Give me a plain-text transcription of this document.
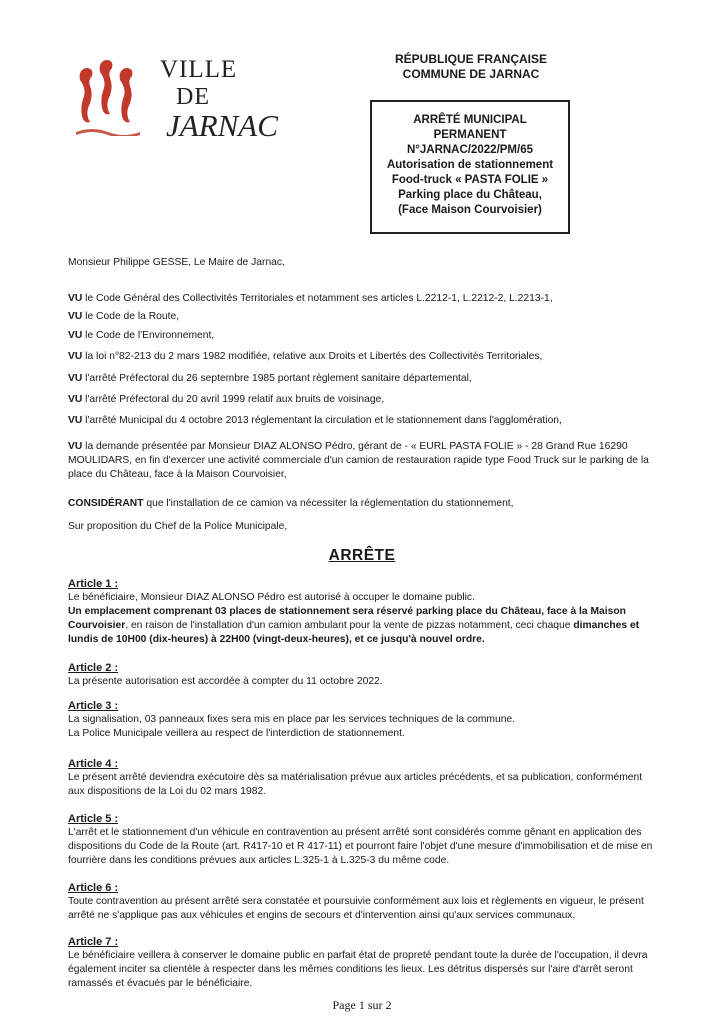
VILLE
DE
JARNAC
RÉPUBLIQUE FRANÇAISE
COMMUNE DE JARNAC
ARRÊTÉ MUNICIPAL
PERMANENT
N°JARNAC/2022/PM/65
Autorisation de stationnement
Food-truck « PASTA FOLIE »
Parking place du Château,
(Face Maison Courvoisier)
Monsieur Philippe GESSE, Le Maire de Jarnac,
VU le Code Général des Collectivités Territoriales et notamment ses articles L.2212-1, L.2212-2, L.2213-1,
VU le Code de la Route,
VU le Code de l'Environnement,
VU la loi n°82-213 du 2 mars 1982 modifiée, relative aux Droits et Libertés des Collectivités Territoriales,
VU l'arrêté Préfectoral du 26 septembre 1985 portant règlement sanitaire départemental,
VU l'arrêté Préfectoral du 20 avril 1999 relatif aux bruits de voisinage,
VU l'arrêté Municipal du 4 octobre 2013 réglementant la circulation et le stationnement dans l'agglomération,
VU la demande présentée par Monsieur DIAZ ALONSO Pédro, gérant de - « EURL PASTA FOLIE » - 28 Grand Rue 16290 MOULIDARS, en fin d'exercer une activité commerciale d'un camion de restauration rapide type Food Truck sur le parking de la place du Château, face à la Maison Courvoisier,
CONSIDÉRANT que l'installation de ce camion va nécessiter la réglementation du stationnement,
Sur proposition du Chef de la Police Municipale,
ARRÊTE
Article 1 :
Le bénéficiaire, Monsieur DIAZ ALONSO Pédro est autorisé à occuper le domaine public.
Un emplacement comprenant 03 places de stationnement sera réservé parking place du Château, face à la Maison Courvoisier, en raison de l'installation d'un camion ambulant pour la vente de pizzas notamment, ceci chaque dimanches et lundis de 10H00 (dix-heures) à 22H00 (vingt-deux-heures), et ce jusqu'à nouvel ordre.
Article 2 :
La présente autorisation est accordée à compter du 11 octobre 2022.
Article 3 :
La signalisation, 03 panneaux fixes sera mis en place par les services techniques de la commune.
La Police Municipale veillera au respect de l'interdiction de stationnement.
Article 4 :
Le présent arrêté deviendra exécutoire dès sa matérialisation prévue aux articles précédents, et sa publication, conformément aux dispositions de la Loi du 02 mars 1982.
Article 5 :
L'arrêt et le stationnement d'un véhicule en contravention au présent arrêté sont considérés comme gênant en application des dispositions du Code de la Route (art. R417-10 et R 417-11) et pourront faire l'objet d'une mesure d'immobilisation et de mise en fourrière dans les conditions prévues aux articles L.325-1 à L.325-3 du même code.
Article 6 :
Toute contravention au présent arrêté sera constatée et poursuivie conformément aux lois et règlements en vigueur, le présent arrêté ne s'applique pas aux véhicules et engins de secours et d'intervention ainsi qu'aux services communaux.
Article 7 :
Le bénéficiaire veillera à conserver le domaine public en parfait état de propreté pendant toute la durée de l'occupation, il devra également inciter sa clientèle à respecter dans les mêmes conditions les lieux. Les détritus dispersés sur l'aire d'arrêt seront ramassés et évacués par le bénéficiaire.
Page 1 sur 2
